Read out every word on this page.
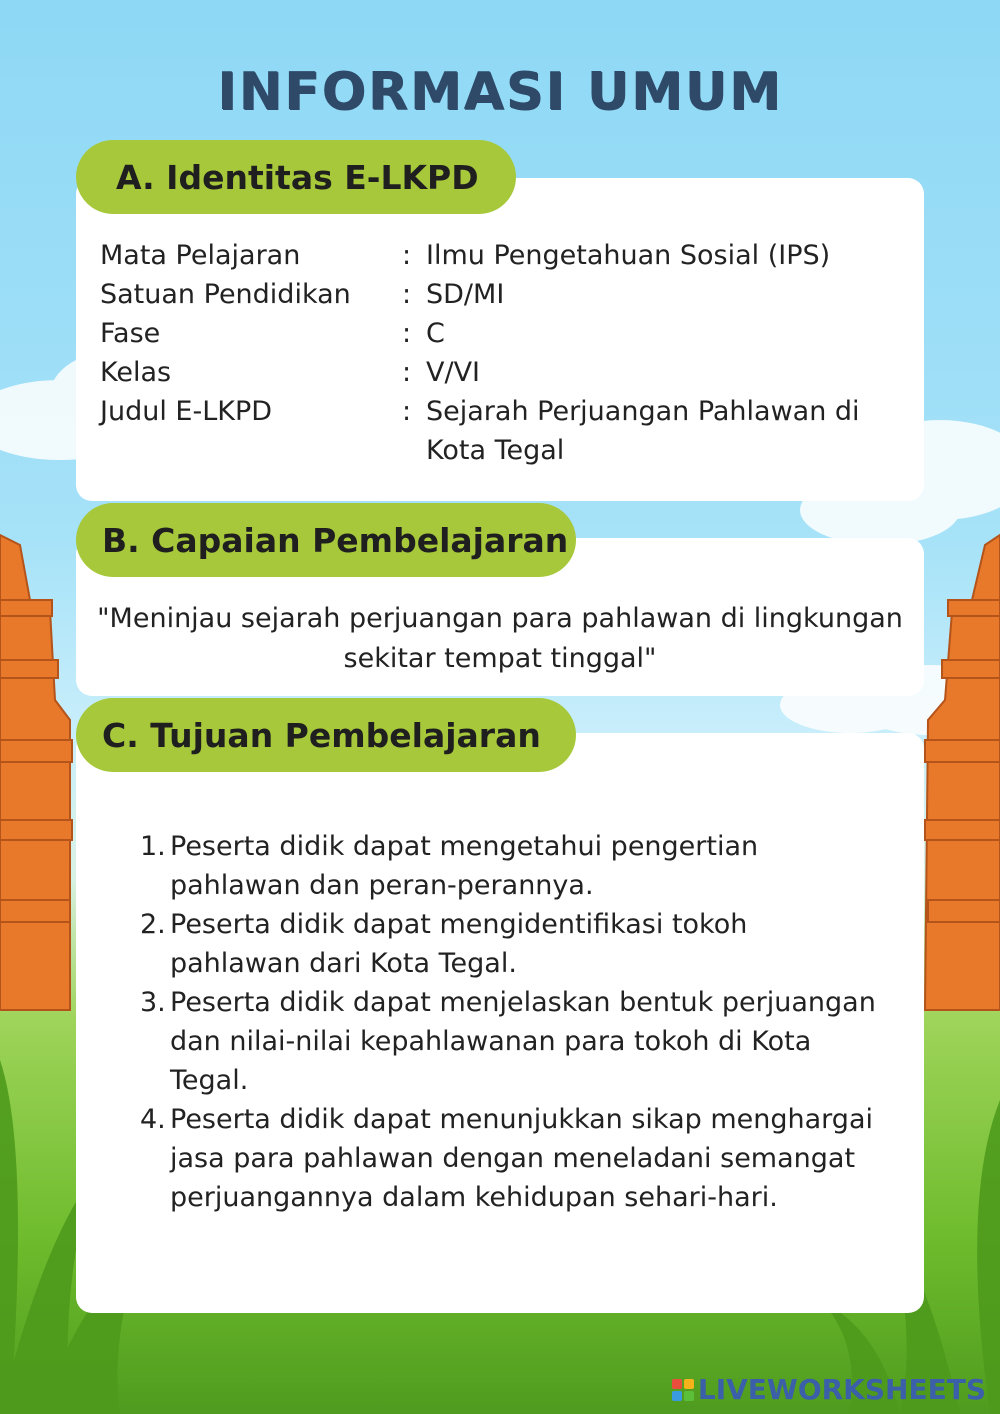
INFORMASI UMUM
A. Identitas E-LKPD
Mata Pelajaran	: Ilmu Pengetahuan Sosial (IPS)
Satuan Pendidikan	: SD/MI
Fase	: C
Kelas	: V/VI
Judul E-LKPD	: Sejarah Perjuangan Pahlawan di Kota Tegal
B. Capaian Pembelajaran
"Meninjau sejarah perjuangan para pahlawan di lingkungan sekitar tempat tinggal"
C. Tujuan Pembelajaran
1. Peserta didik dapat mengetahui pengertian pahlawan dan peran-perannya.
2. Peserta didik dapat mengidentifikasi tokoh pahlawan dari Kota Tegal.
3. Peserta didik dapat menjelaskan bentuk perjuangan dan nilai-nilai kepahlawanan para tokoh di Kota Tegal.
4. Peserta didik dapat menunjukkan sikap menghargai jasa para pahlawan dengan meneladani semangat perjuangannya dalam kehidupan sehari-hari.
LIVEWORKSHEETS
